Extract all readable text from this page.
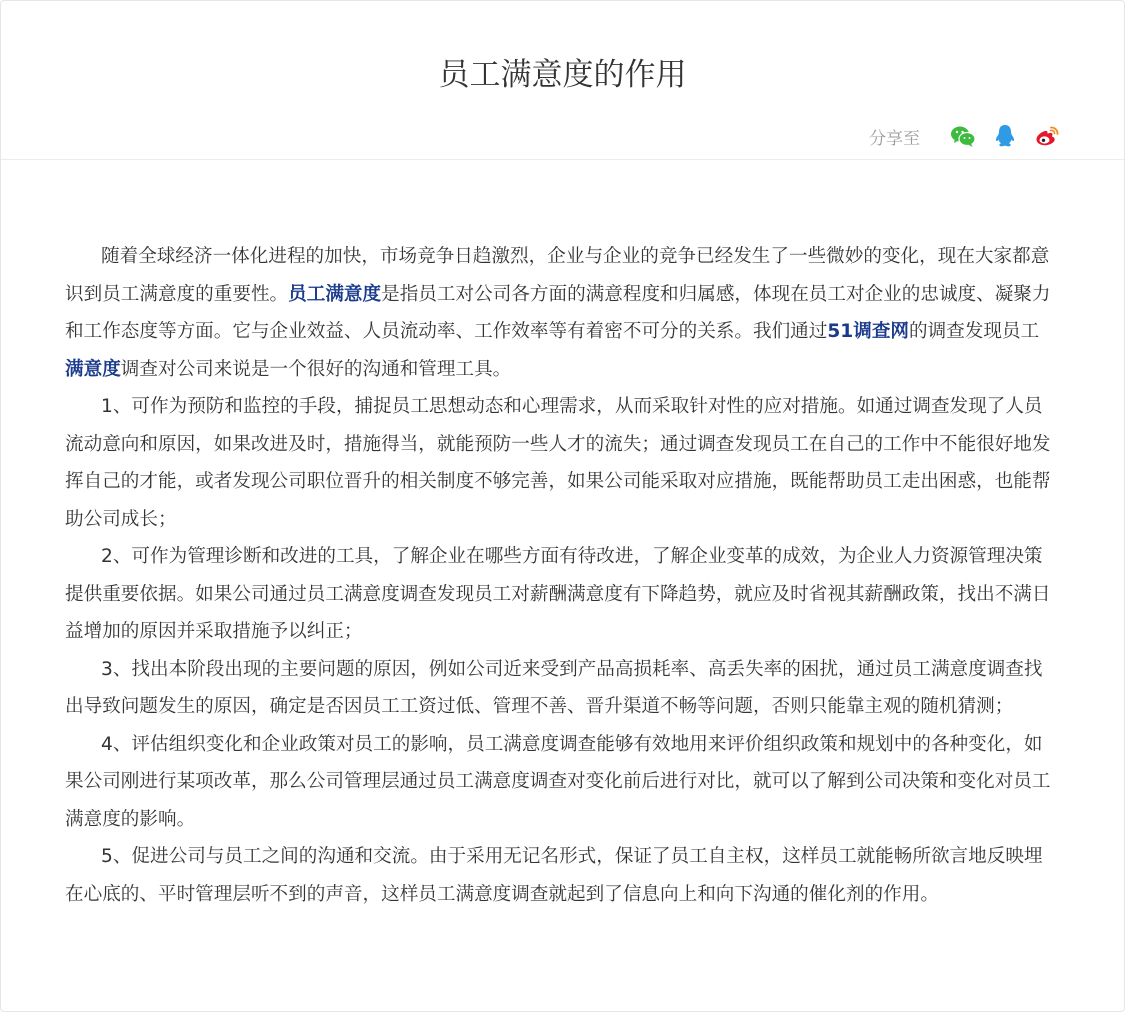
员工满意度的作用
分享至

随着全球经济一体化进程的加快，市场竞争日趋激烈，企业与企业的竞争已经发生了一些微妙的变化，现在大家都意识到员工满意度的重要性。员工满意度是指员工对公司各方面的满意程度和归属感，体现在员工对企业的忠诚度、凝聚力和工作态度等方面。它与企业效益、人员流动率、工作效率等有着密不可分的关系。我们通过51调查网的调查发现员工满意度调查对公司来说是一个很好的沟通和管理工具。

1、可作为预防和监控的手段，捕捉员工思想动态和心理需求，从而采取针对性的应对措施。如通过调查发现了人员流动意向和原因，如果改进及时，措施得当，就能预防一些人才的流失；通过调查发现员工在自己的工作中不能很好地发挥自己的才能，或者发现公司职位晋升的相关制度不够完善，如果公司能采取对应措施，既能帮助员工走出困惑，也能帮助公司成长；

2、可作为管理诊断和改进的工具，了解企业在哪些方面有待改进，了解企业变革的成效，为企业人力资源管理决策提供重要依据。如果公司通过员工满意度调查发现员工对薪酬满意度有下降趋势，就应及时省视其薪酬政策，找出不满日益增加的原因并采取措施予以纠正；

3、找出本阶段出现的主要问题的原因，例如公司近来受到产品高损耗率、高丢失率的困扰，通过员工满意度调查找出导致问题发生的原因，确定是否因员工工资过低、管理不善、晋升渠道不畅等问题，否则只能靠主观的随机猜测；

4、评估组织变化和企业政策对员工的影响，员工满意度调查能够有效地用来评价组织政策和规划中的各种变化，如果公司刚进行某项改革，那么公司管理层通过员工满意度调查对变化前后进行对比，就可以了解到公司决策和变化对员工满意度的影响。

5、促进公司与员工之间的沟通和交流。由于采用无记名形式，保证了员工自主权，这样员工就能畅所欲言地反映埋在心底的、平时管理层听不到的声音，这样员工满意度调查就起到了信息向上和向下沟通的催化剂的作用。
